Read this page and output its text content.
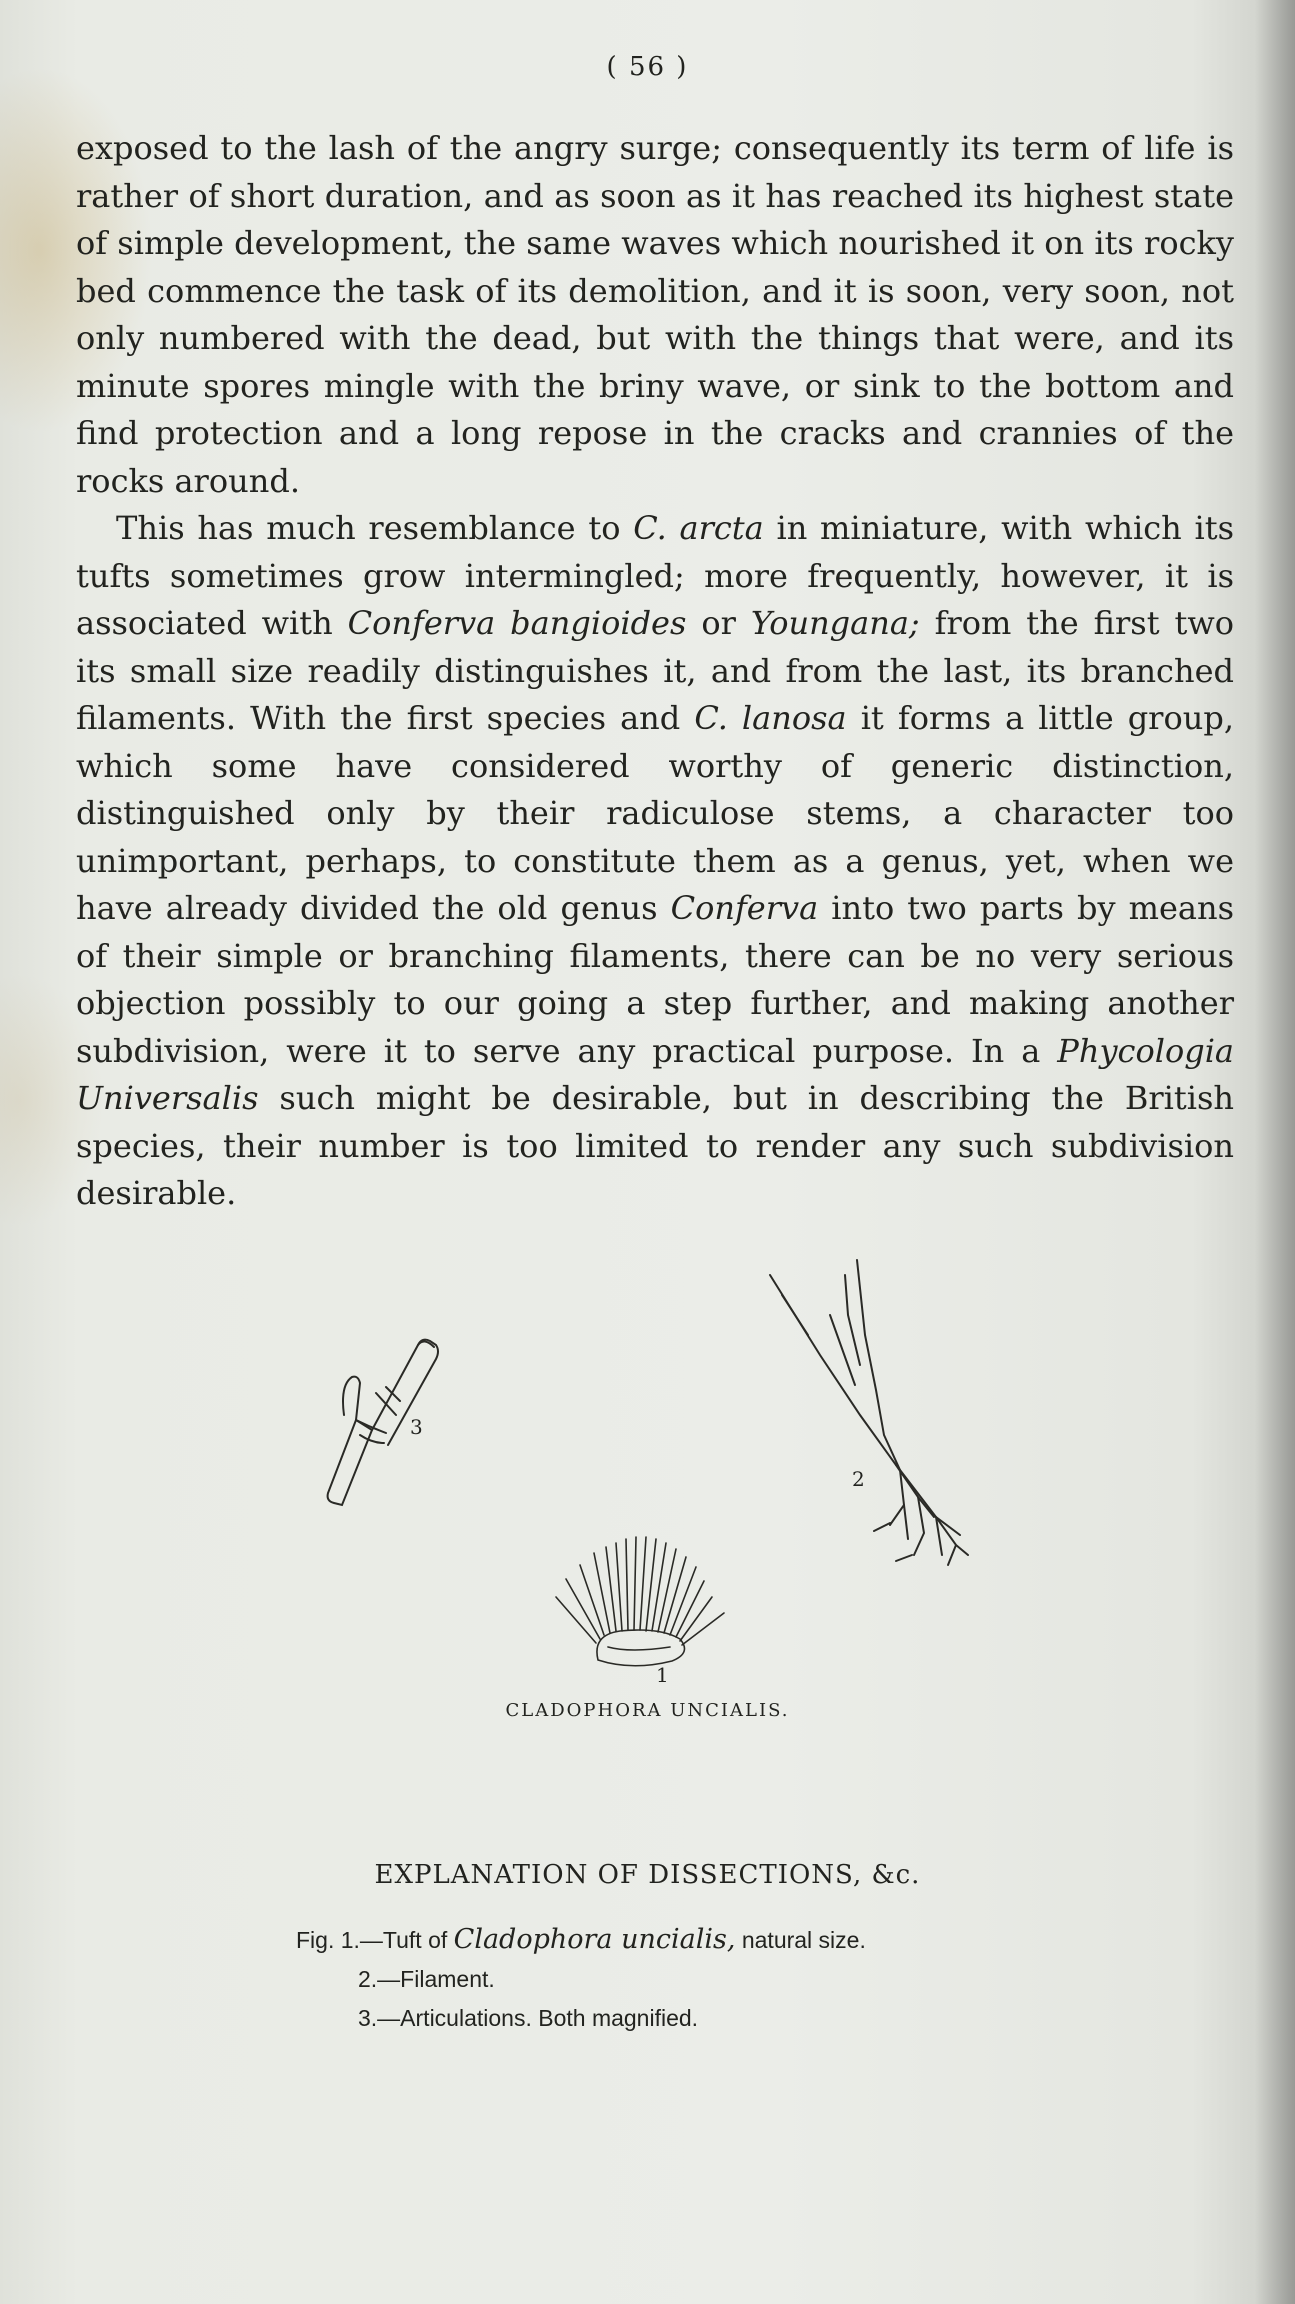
( 56 )

exposed to the lash of the angry surge; consequently its term of life is rather of short duration, and as soon as it has reached its highest state of simple development, the same waves which nourished it on its rocky bed commence the task of its demolition, and it is soon, very soon, not only numbered with the dead, but with the things that were, and its minute spores mingle with the briny wave, or sink to the bottom and find protection and a long repose in the cracks and crannies of the rocks around.

This has much resemblance to C. arcta in miniature, with which its tufts sometimes grow intermingled; more frequently, however, it is associated with Conferva bangioides or Youngana; from the first two its small size readily distinguishes it, and from the last, its branched filaments. With the first species and C. lanosa it forms a little group, which some have considered worthy of generic distinction, distinguished only by their radiculose stems, a character too unimportant, perhaps, to constitute them as a genus, yet, when we have already divided the old genus Conferva into two parts by means of their simple or branching filaments, there can be no very serious objection possibly to our going a step further, and making another subdivision, were it to serve any practical purpose. In a Phycologia Universalis such might be desirable, but in describing the British species, their number is too limited to render any such subdivision desirable.

3
2
1
CLADOPHORA UNCIALIS.
EXPLANATION OF DISSECTIONS, &c.
Fig. 1.—Tuft of Cladophora uncialis, natural size.
2.—Filament.
3.—Articulations. Both magnified.
